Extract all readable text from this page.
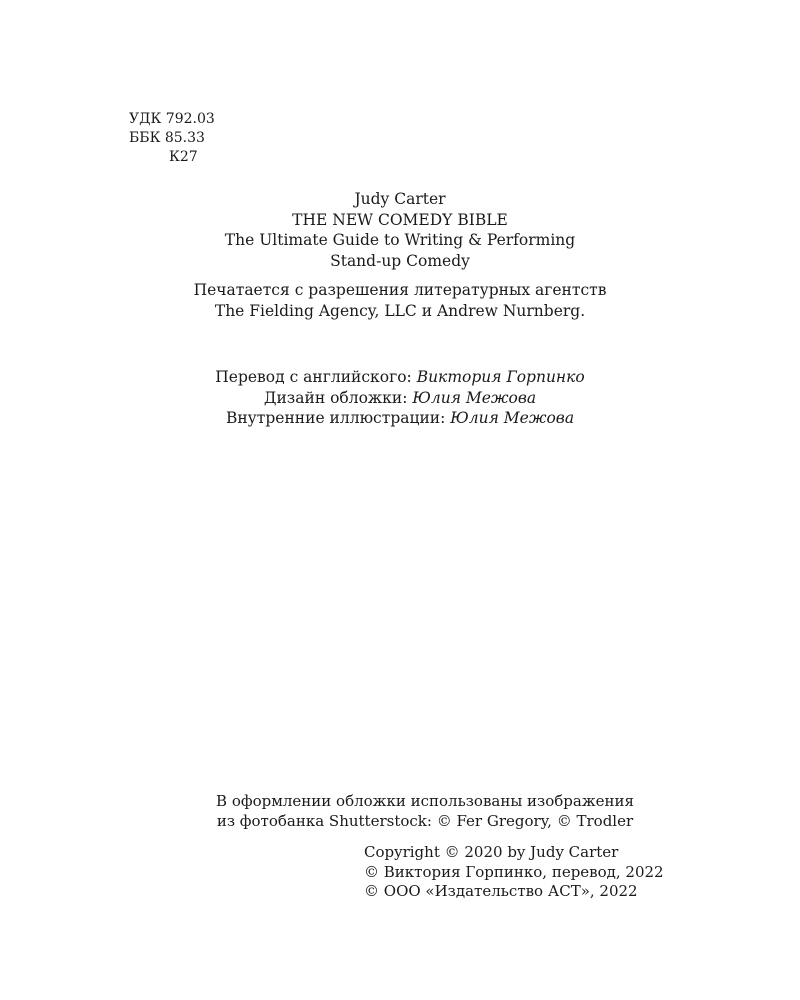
УДК 792.03
ББК 85.33
К27
Judy Carter
THE NEW COMEDY BIBLE
The Ultimate Guide to Writing & Performing
Stand-up Comedy
Печатается с разрешения литературных агентств
The Fielding Agency, LLC и Andrew Nurnberg.
Перевод с английского: Виктория Горпинко
Дизайн обложки: Юлия Межова
Внутренние иллюстрации: Юлия Межова
В оформлении обложки использованы изображения
из фотобанка Shutterstock: © Fer Gregory, © Trodler
Copyright © 2020 by Judy Carter
© Виктория Горпинко, перевод, 2022
© ООО «Издательство АСТ», 2022
